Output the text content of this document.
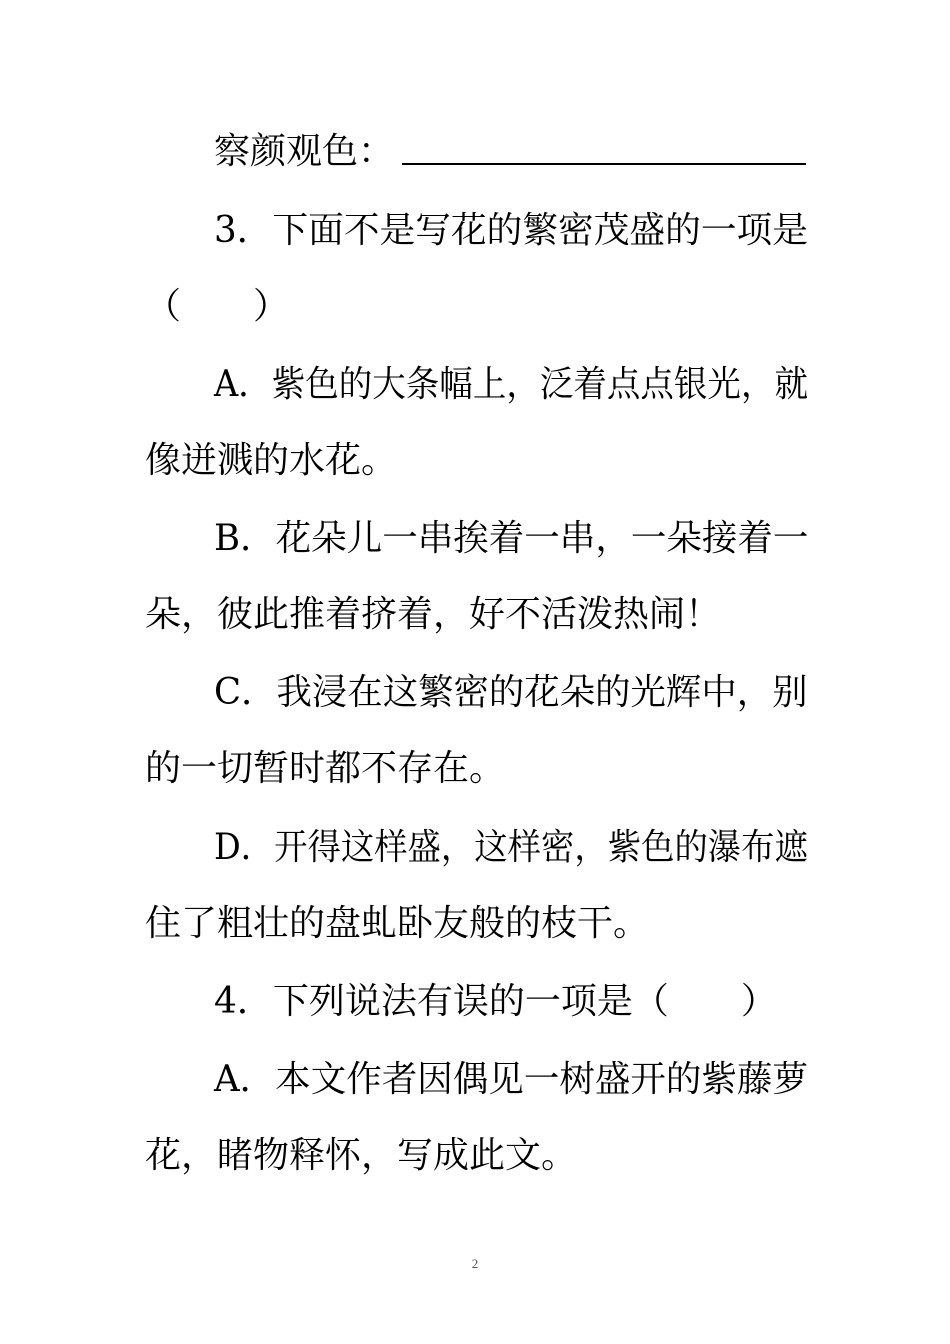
察颜观色：
3．下面不是写花的繁密茂盛的一项是
（　　）
A．紫色的大条幅上，泛着点点银光，就
像迸溅的水花。
B．花朵儿一串挨着一串，一朵接着一
朵，彼此推着挤着，好不活泼热闹！
C．我浸在这繁密的花朵的光辉中，别
的一切暂时都不存在。
D．开得这样盛，这样密，紫色的瀑布遮
住了粗壮的盘虬卧友般的枝干。
4．下列说法有误的一项是（　　）
A．本文作者因偶见一树盛开的紫藤萝
花，睹物释怀，写成此文。
2
